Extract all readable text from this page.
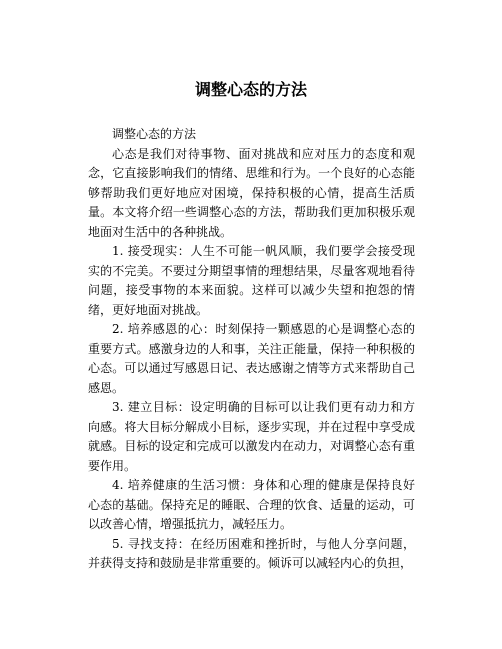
调整心态的方法

调整心态的方法

心态是我们对待事物、面对挑战和应对压力的态度和观念，它直接影响我们的情绪、思维和行为。一个良好的心态能够帮助我们更好地应对困境，保持积极的心情，提高生活质量。本文将介绍一些调整心态的方法，帮助我们更加积极乐观地面对生活中的各种挑战。

1. 接受现实：人生不可能一帆风顺，我们要学会接受现实的不完美。不要过分期望事情的理想结果，尽量客观地看待问题，接受事物的本来面貌。这样可以减少失望和抱怨的情绪，更好地面对挑战。

2. 培养感恩的心：时刻保持一颗感恩的心是调整心态的重要方式。感激身边的人和事，关注正能量，保持一种积极的心态。可以通过写感恩日记、表达感谢之情等方式来帮助自己感恩。

3. 建立目标：设定明确的目标可以让我们更有动力和方向感。将大目标分解成小目标，逐步实现，并在过程中享受成就感。目标的设定和完成可以激发内在动力，对调整心态有重要作用。

4. 培养健康的生活习惯：身体和心理的健康是保持良好心态的基础。保持充足的睡眠、合理的饮食、适量的运动，可以改善心情，增强抵抗力，减轻压力。

5. 寻找支持：在经历困难和挫折时，与他人分享问题，并获得支持和鼓励是非常重要的。倾诉可以减轻内心的负担，
